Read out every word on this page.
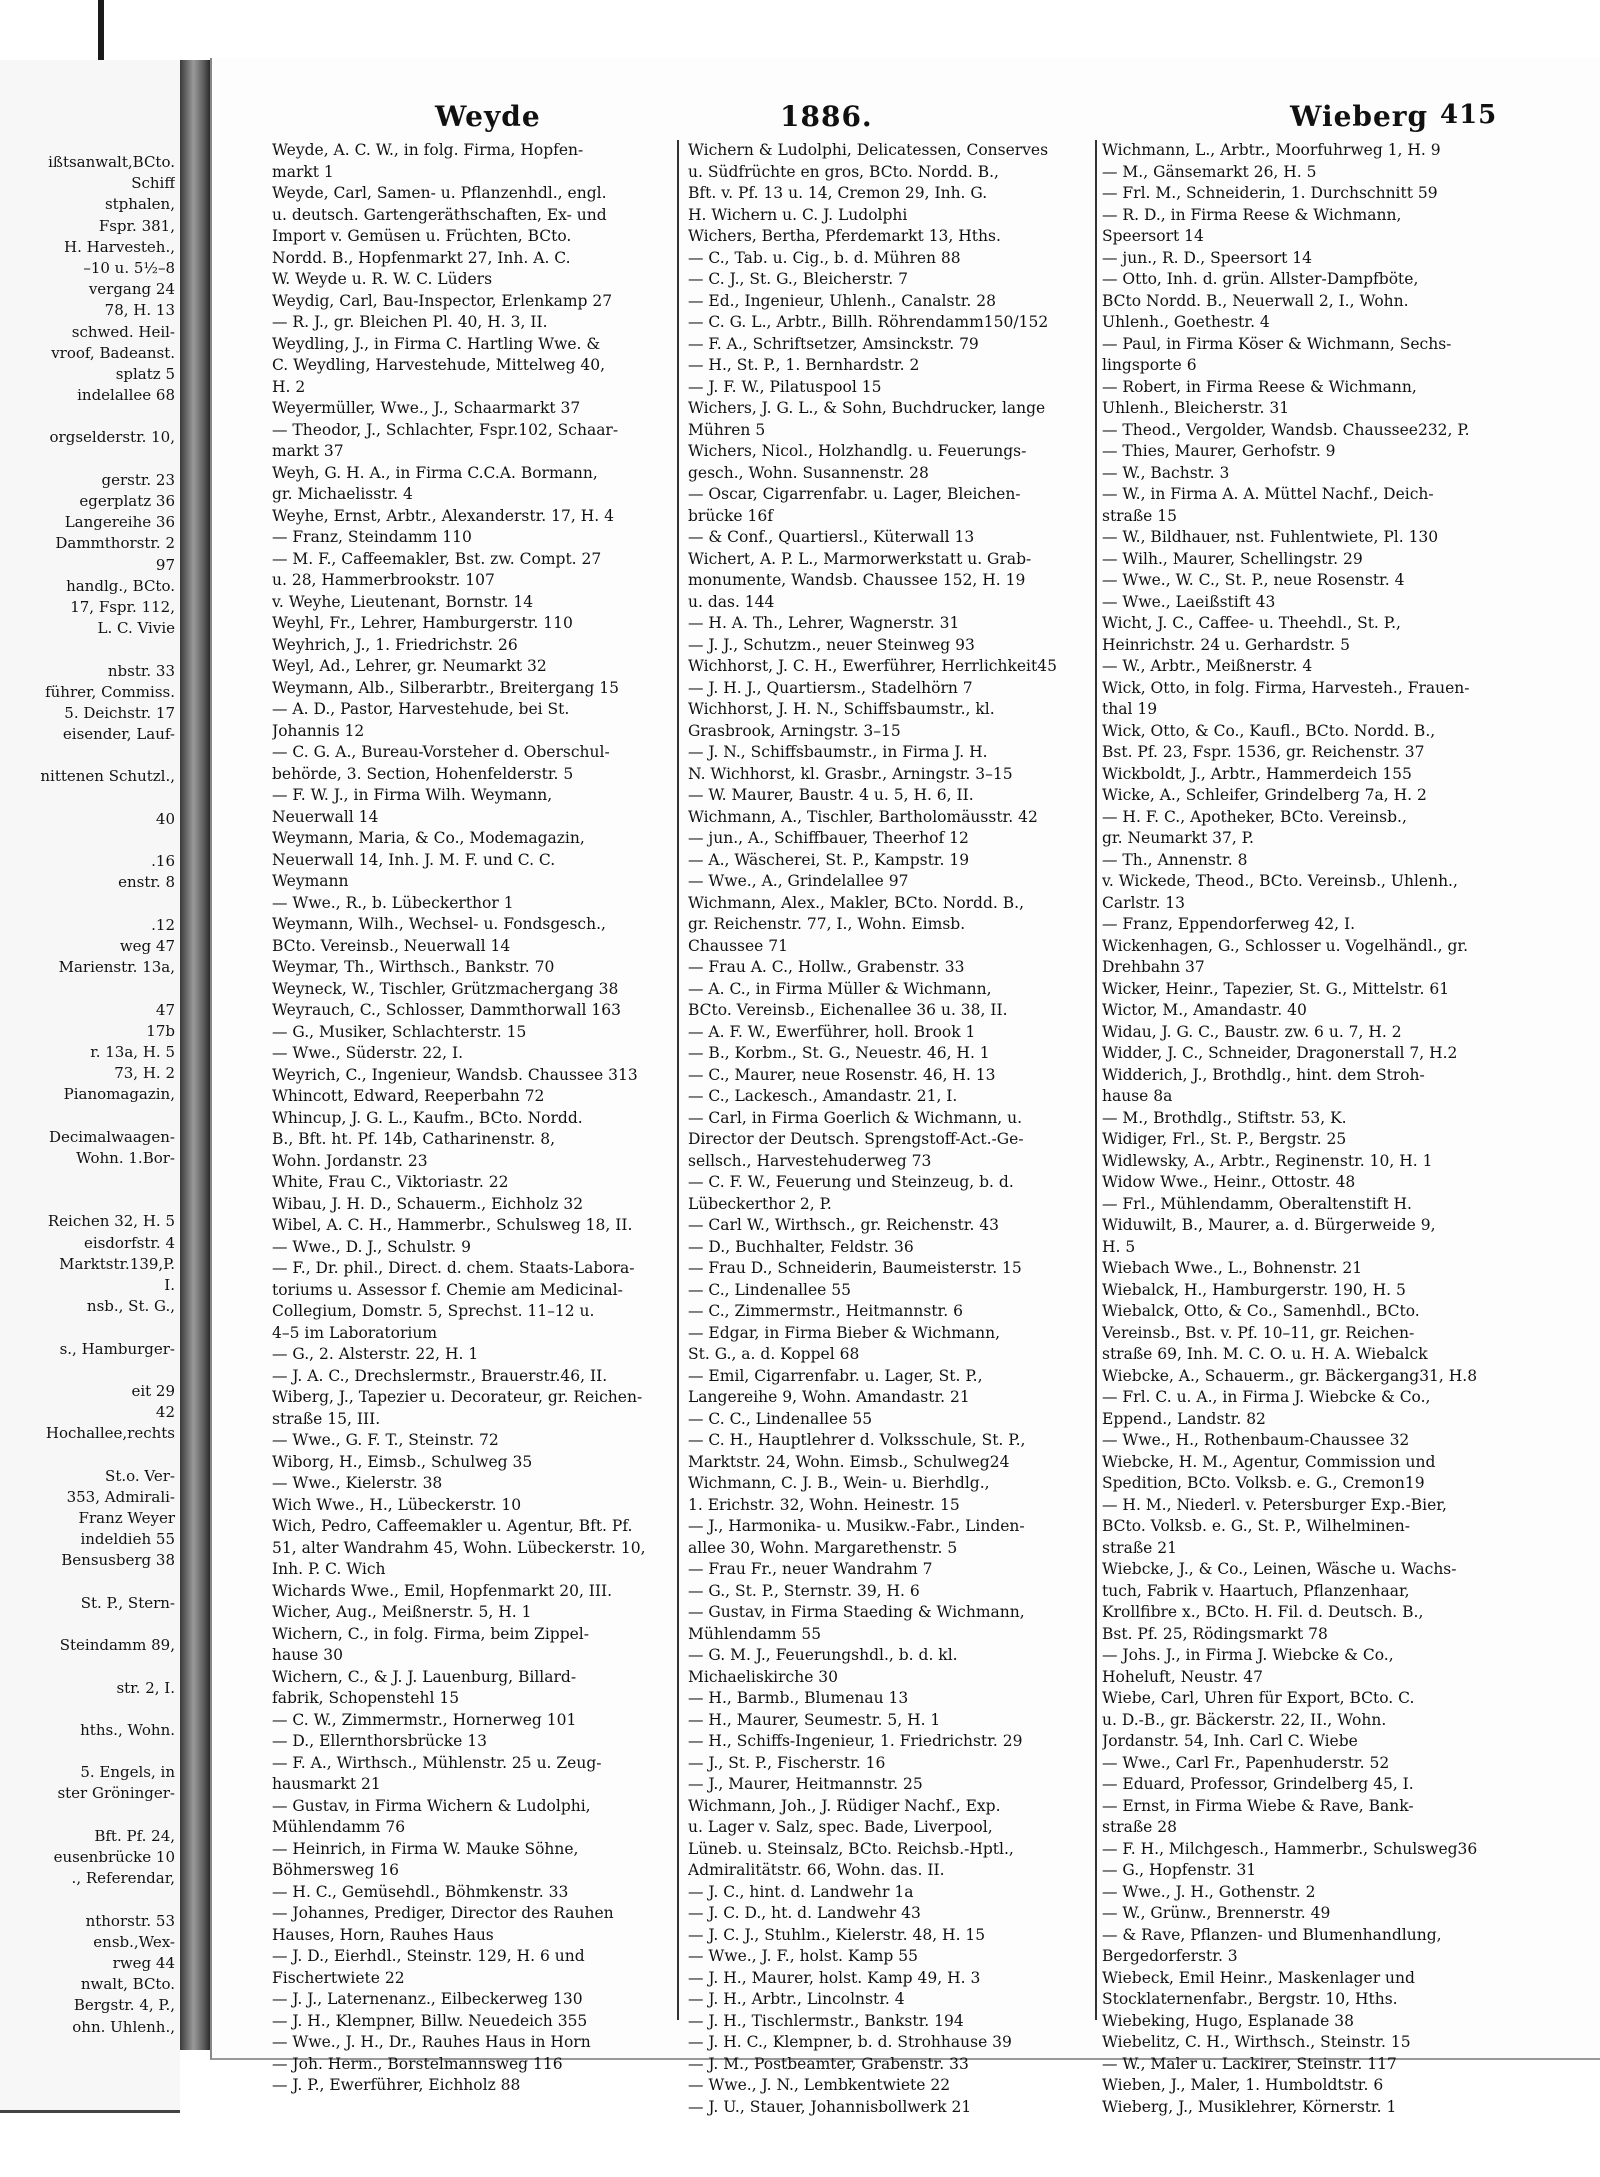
ißtsanwalt,BCto.
Schiff
stphalen,
Fspr. 381,
H. Harvesteh.,
–10 u. 5½–8
vergang 24
78, H. 13
schwed. Heil-
vroof, Badeanst.
splatz 5
indelallee 68
orgselderstr. 10,
gerstr. 23
egerplatz 36
Langereihe 36
Dammthorstr. 2
97
handlg., BCto.
17, Fspr. 112,
L. C. Vivie
nbstr. 33
führer, Commiss.
5. Deichstr. 17
eisender, Lauf-
nittenen Schutzl.,
40
.16
enstr. 8
.12
weg 47
Marienstr. 13a,
47
17b
r. 13a, H. 5
73, H. 2
Pianomagazin,
Decimalwaagen-
Wohn. 1.Bor-
Reichen 32, H. 5
eisdorfstr. 4
Marktstr.139,P.
I.
nsb., St. G.,
s., Hamburger-
eit 29
42
Hochallee,rechts
St.o. Ver-
353, Admirali-
Franz Weyer
indeldieh 55
Bensusberg 38
St. P., Stern-
Steindamm 89,
str. 2, I.
hths., Wohn.
5. Engels, in
ster Gröninger-
Bft. Pf. 24,
eusenbrücke 10
., Referendar,
nthorstr. 53
ensb.,Wex-
rweg 44
nwalt, BCto.
Bergstr. 4, P.,
ohn. Uhlenh.,
Weyde	1886.	Wieberg 415
Weyde, A. C. W., in folg. Firma, Hopfen-
markt 1
Weyde, Carl, Samen- u. Pflanzenhdl., engl.
u. deutsch. Gartengeräthschaften, Ex- und
Import v. Gemüsen u. Früchten, BCto.
Nordd. B., Hopfenmarkt 27, Inh. A. C.
W. Weyde u. R. W. C. Lüders
Weydig, Carl, Bau-Inspector, Erlenkamp 27
— R. J., gr. Bleichen Pl. 40, H. 3, II.
Weydling, J., in Firma C. Hartling Wwe. &
C. Weydling, Harvestehude, Mittelweg 40,
H. 2
Weyermüller, Wwe., J., Schaarmarkt 37
— Theodor, J., Schlachter, Fspr.102, Schaar-
markt 37
Weyh, G. H. A., in Firma C.C.A. Bormann,
gr. Michaelisstr. 4
Weyhe, Ernst, Arbtr., Alexanderstr. 17, H. 4
— Franz, Steindamm 110
— M. F., Caffeemakler, Bst. zw. Compt. 27
u. 28, Hammerbrookstr. 107
v. Weyhe, Lieutenant, Bornstr. 14
Weyhl, Fr., Lehrer, Hamburgerstr. 110
Weyhrich, J., 1. Friedrichstr. 26
Weyl, Ad., Lehrer, gr. Neumarkt 32
Weymann, Alb., Silberarbtr., Breitergang 15
— A. D., Pastor, Harvestehude, bei St.
Johannis 12
— C. G. A., Bureau-Vorsteher d. Oberschul-
behörde, 3. Section, Hohenfelderstr. 5
— F. W. J., in Firma Wilh. Weymann,
Neuerwall 14
Weymann, Maria, & Co., Modemagazin,
Neuerwall 14, Inh. J. M. F. und C. C.
Weymann
— Wwe., R., b. Lübeckerthor 1
Weymann, Wilh., Wechsel- u. Fondsgesch.,
BCto. Vereinsb., Neuerwall 14
Weymar, Th., Wirthsch., Bankstr. 70
Weyneck, W., Tischler, Grützmachergang 38
Weyrauch, C., Schlosser, Dammthorwall 163
— G., Musiker, Schlachterstr. 15
— Wwe., Süderstr. 22, I.
Weyrich, C., Ingenieur, Wandsb. Chaussee 313
Whincott, Edward, Reeperbahn 72
Whincup, J. G. L., Kaufm., BCto. Nordd.
B., Bft. ht. Pf. 14b, Catharinenstr. 8,
Wohn. Jordanstr. 23
White, Frau C., Viktoriastr. 22
Wibau, J. H. D., Schauerm., Eichholz 32
Wibel, A. C. H., Hammerbr., Schulsweg 18, II.
— Wwe., D. J., Schulstr. 9
— F., Dr. phil., Direct. d. chem. Staats-Labora-
toriums u. Assessor f. Chemie am Medicinal-
Collegium, Domstr. 5, Sprechst. 11–12 u.
4–5 im Laboratorium
— G., 2. Alsterstr. 22, H. 1
— J. A. C., Drechslermstr., Brauerstr.46, II.
Wiberg, J., Tapezier u. Decorateur, gr. Reichen-
straße 15, III.
— Wwe., G. F. T., Steinstr. 72
Wiborg, H., Eimsb., Schulweg 35
— Wwe., Kielerstr. 38
Wich Wwe., H., Lübeckerstr. 10
Wich, Pedro, Caffeemakler u. Agentur, Bft. Pf.
51, alter Wandrahm 45, Wohn. Lübeckerstr. 10,
Inh. P. C. Wich
Wichards Wwe., Emil, Hopfenmarkt 20, III.
Wicher, Aug., Meißnerstr. 5, H. 1
Wichern, C., in folg. Firma, beim Zippel-
hause 30
Wichern, C., & J. J. Lauenburg, Billard-
fabrik, Schopenstehl 15
— C. W., Zimmermstr., Hornerweg 101
— D., Ellernthorsbrücke 13
— F. A., Wirthsch., Mühlenstr. 25 u. Zeug-
hausmarkt 21
— Gustav, in Firma Wichern & Ludolphi,
Mühlendamm 76
— Heinrich, in Firma W. Mauke Söhne,
Böhmersweg 16
— H. C., Gemüsehdl., Böhmkenstr. 33
— Johannes, Prediger, Director des Rauhen
Hauses, Horn, Rauhes Haus
— J. D., Eierhdl., Steinstr. 129, H. 6 und
Fischertwiete 22
— J. J., Laternenanz., Eilbeckerweg 130
— J. H., Klempner, Billw. Neuedeich 355
— Wwe., J. H., Dr., Rauhes Haus in Horn
— Joh. Herm., Borstelmannsweg 116
— J. P., Ewerführer, Eichholz 88
Wichern & Ludolphi, Delicatessen, Conserves
u. Südfrüchte en gros, BCto. Nordd. B.,
Bft. v. Pf. 13 u. 14, Cremon 29, Inh. G.
H. Wichern u. C. J. Ludolphi
Wichers, Bertha, Pferdemarkt 13, Hths.
— C., Tab. u. Cig., b. d. Mühren 88
— C. J., St. G., Bleicherstr. 7
— Ed., Ingenieur, Uhlenh., Canalstr. 28
— C. G. L., Arbtr., Billh. Röhrendamm150/152
— F. A., Schriftsetzer, Amsinckstr. 79
— H., St. P., 1. Bernhardstr. 2
— J. F. W., Pilatuspool 15
Wichers, J. G. L., & Sohn, Buchdrucker, lange
Mühren 5
Wichers, Nicol., Holzhandlg. u. Feuerungs-
gesch., Wohn. Susannenstr. 28
— Oscar, Cigarrenfabr. u. Lager, Bleichen-
brücke 16f
— & Conf., Quartiersl., Küterwall 13
Wichert, A. P. L., Marmorwerkstatt u. Grab-
monumente, Wandsb. Chaussee 152, H. 19
u. das. 144
— H. A. Th., Lehrer, Wagnerstr. 31
— J. J., Schutzm., neuer Steinweg 93
Wichhorst, J. C. H., Ewerführer, Herrlichkeit45
— J. H. J., Quartiersm., Stadelhörn 7
Wichhorst, J. H. N., Schiffsbaumstr., kl.
Grasbrook, Arningstr. 3–15
— J. N., Schiffsbaumstr., in Firma J. H.
N. Wichhorst, kl. Grasbr., Arningstr. 3–15
— W. Maurer, Baustr. 4 u. 5, H. 6, II.
Wichmann, A., Tischler, Bartholomäusstr. 42
— jun., A., Schiffbauer, Theerhof 12
— A., Wäscherei, St. P., Kampstr. 19
— Wwe., A., Grindelallee 97
Wichmann, Alex., Makler, BCto. Nordd. B.,
gr. Reichenstr. 77, I., Wohn. Eimsb.
Chaussee 71
— Frau A. C., Hollw., Grabenstr. 33
— A. C., in Firma Müller & Wichmann,
BCto. Vereinsb., Eichenallee 36 u. 38, II.
— A. F. W., Ewerführer, holl. Brook 1
— B., Korbm., St. G., Neuestr. 46, H. 1
— C., Maurer, neue Rosenstr. 46, H. 13
— C., Lackesch., Amandastr. 21, I.
— Carl, in Firma Goerlich & Wichmann, u.
Director der Deutsch. Sprengstoff-Act.-Ge-
sellsch., Harvestehuderweg 73
— C. F. W., Feuerung und Steinzeug, b. d.
Lübeckerthor 2, P.
— Carl W., Wirthsch., gr. Reichenstr. 43
— D., Buchhalter, Feldstr. 36
— Frau D., Schneiderin, Baumeisterstr. 15
— C., Lindenallee 55
— C., Zimmermstr., Heitmannstr. 6
— Edgar, in Firma Bieber & Wichmann,
St. G., a. d. Koppel 68
— Emil, Cigarrenfabr. u. Lager, St. P.,
Langereihe 9, Wohn. Amandastr. 21
— C. C., Lindenallee 55
— C. H., Hauptlehrer d. Volksschule, St. P.,
Marktstr. 24, Wohn. Eimsb., Schulweg24
Wichmann, C. J. B., Wein- u. Bierhdlg.,
1. Erichstr. 32, Wohn. Heinestr. 15
— J., Harmonika- u. Musikw.-Fabr., Linden-
allee 30, Wohn. Margarethenstr. 5
— Frau Fr., neuer Wandrahm 7
— G., St. P., Sternstr. 39, H. 6
— Gustav, in Firma Staeding & Wichmann,
Mühlendamm 55
— G. M. J., Feuerungshdl., b. d. kl.
Michaeliskirche 30
— H., Barmb., Blumenau 13
— H., Maurer, Seumestr. 5, H. 1
— H., Schiffs-Ingenieur, 1. Friedrichstr. 29
— J., St. P., Fischerstr. 16
— J., Maurer, Heitmannstr. 25
Wichmann, Joh., J. Rüdiger Nachf., Exp.
u. Lager v. Salz, spec. Bade, Liverpool,
Lüneb. u. Steinsalz, BCto. Reichsb.-Hptl.,
Admiralitätstr. 66, Wohn. das. II.
— J. C., hint. d. Landwehr 1a
— J. C. D., ht. d. Landwehr 43
— J. C. J., Stuhlm., Kielerstr. 48, H. 15
— Wwe., J. F., holst. Kamp 55
— J. H., Maurer, holst. Kamp 49, H. 3
— J. H., Arbtr., Lincolnstr. 4
— J. H., Tischlermstr., Bankstr. 194
— J. H. C., Klempner, b. d. Strohhause 39
— J. M., Postbeamter, Grabenstr. 33
— Wwe., J. N., Lembkentwiete 22
— J. U., Stauer, Johannisbollwerk 21
Wichmann, L., Arbtr., Moorfuhrweg 1, H. 9
— M., Gänsemarkt 26, H. 5
— Frl. M., Schneiderin, 1. Durchschnitt 59
— R. D., in Firma Reese & Wichmann,
Speersort 14
— jun., R. D., Speersort 14
— Otto, Inh. d. grün. Allster-Dampfböte,
BCto Nordd. B., Neuerwall 2, I., Wohn.
Uhlenh., Goethestr. 4
— Paul, in Firma Köser & Wichmann, Sechs-
lingsporte 6
— Robert, in Firma Reese & Wichmann,
Uhlenh., Bleicherstr. 31
— Theod., Vergolder, Wandsb. Chaussee232, P.
— Thies, Maurer, Gerhofstr. 9
— W., Bachstr. 3
— W., in Firma A. A. Müttel Nachf., Deich-
straße 15
— W., Bildhauer, nst. Fuhlentwiete, Pl. 130
— Wilh., Maurer, Schellingstr. 29
— Wwe., W. C., St. P., neue Rosenstr. 4
— Wwe., Laeißstift 43
Wicht, J. C., Caffee- u. Theehdl., St. P.,
Heinrichstr. 24 u. Gerhardstr. 5
— W., Arbtr., Meißnerstr. 4
Wick, Otto, in folg. Firma, Harvesteh., Frauen-
thal 19
Wick, Otto, & Co., Kaufl., BCto. Nordd. B.,
Bst. Pf. 23, Fspr. 1536, gr. Reichenstr. 37
Wickboldt, J., Arbtr., Hammerdeich 155
Wicke, A., Schleifer, Grindelberg 7a, H. 2
— H. F. C., Apotheker, BCto. Vereinsb.,
gr. Neumarkt 37, P.
— Th., Annenstr. 8
v. Wickede, Theod., BCto. Vereinsb., Uhlenh.,
Carlstr. 13
— Franz, Eppendorferweg 42, I.
Wickenhagen, G., Schlosser u. Vogelhändl., gr.
Drehbahn 37
Wicker, Heinr., Tapezier, St. G., Mittelstr. 61
Wictor, M., Amandastr. 40
Widau, J. G. C., Baustr. zw. 6 u. 7, H. 2
Widder, J. C., Schneider, Dragonerstall 7, H.2
Widderich, J., Brothdlg., hint. dem Stroh-
hause 8a
— M., Brothdlg., Stiftstr. 53, K.
Widiger, Frl., St. P., Bergstr. 25
Widlewsky, A., Arbtr., Reginenstr. 10, H. 1
Widow Wwe., Heinr., Ottostr. 48
— Frl., Mühlendamm, Oberaltenstift H.
Widuwilt, B., Maurer, a. d. Bürgerweide 9,
H. 5
Wiebach Wwe., L., Bohnenstr. 21
Wiebalck, H., Hamburgerstr. 190, H. 5
Wiebalck, Otto, & Co., Samenhdl., BCto.
Vereinsb., Bst. v. Pf. 10–11, gr. Reichen-
straße 69, Inh. M. C. O. u. H. A. Wiebalck
Wiebcke, A., Schauerm., gr. Bäckergang31, H.8
— Frl. C. u. A., in Firma J. Wiebcke & Co.,
Eppend., Landstr. 82
— Wwe., H., Rothenbaum-Chaussee 32
Wiebcke, H. M., Agentur, Commission und
Spedition, BCto. Volksb. e. G., Cremon19
— H. M., Niederl. v. Petersburger Exp.-Bier,
BCto. Volksb. e. G., St. P., Wilhelminen-
straße 21
Wiebcke, J., & Co., Leinen, Wäsche u. Wachs-
tuch, Fabrik v. Haartuch, Pflanzenhaar,
Krollfibre x., BCto. H. Fil. d. Deutsch. B.,
Bst. Pf. 25, Rödingsmarkt 78
— Johs. J., in Firma J. Wiebcke & Co.,
Hoheluft, Neustr. 47
Wiebe, Carl, Uhren für Export, BCto. C.
u. D.-B., gr. Bäckerstr. 22, II., Wohn.
Jordanstr. 54, Inh. Carl C. Wiebe
— Wwe., Carl Fr., Papenhuderstr. 52
— Eduard, Professor, Grindelberg 45, I.
— Ernst, in Firma Wiebe & Rave, Bank-
straße 28
— F. H., Milchgesch., Hammerbr., Schulsweg36
— G., Hopfenstr. 31
— Wwe., J. H., Gothenstr. 2
— W., Grünw., Brennerstr. 49
— & Rave, Pflanzen- und Blumenhandlung,
Bergedorferstr. 3
Wiebeck, Emil Heinr., Maskenlager und
Stocklaternenfabr., Bergstr. 10, Hths.
Wiebeking, Hugo, Esplanade 38
Wiebelitz, C. H., Wirthsch., Steinstr. 15
— W., Maler u. Lackirer, Steinstr. 117
Wieben, J., Maler, 1. Humboldtstr. 6
Wieberg, J., Musiklehrer, Körnerstr. 1
